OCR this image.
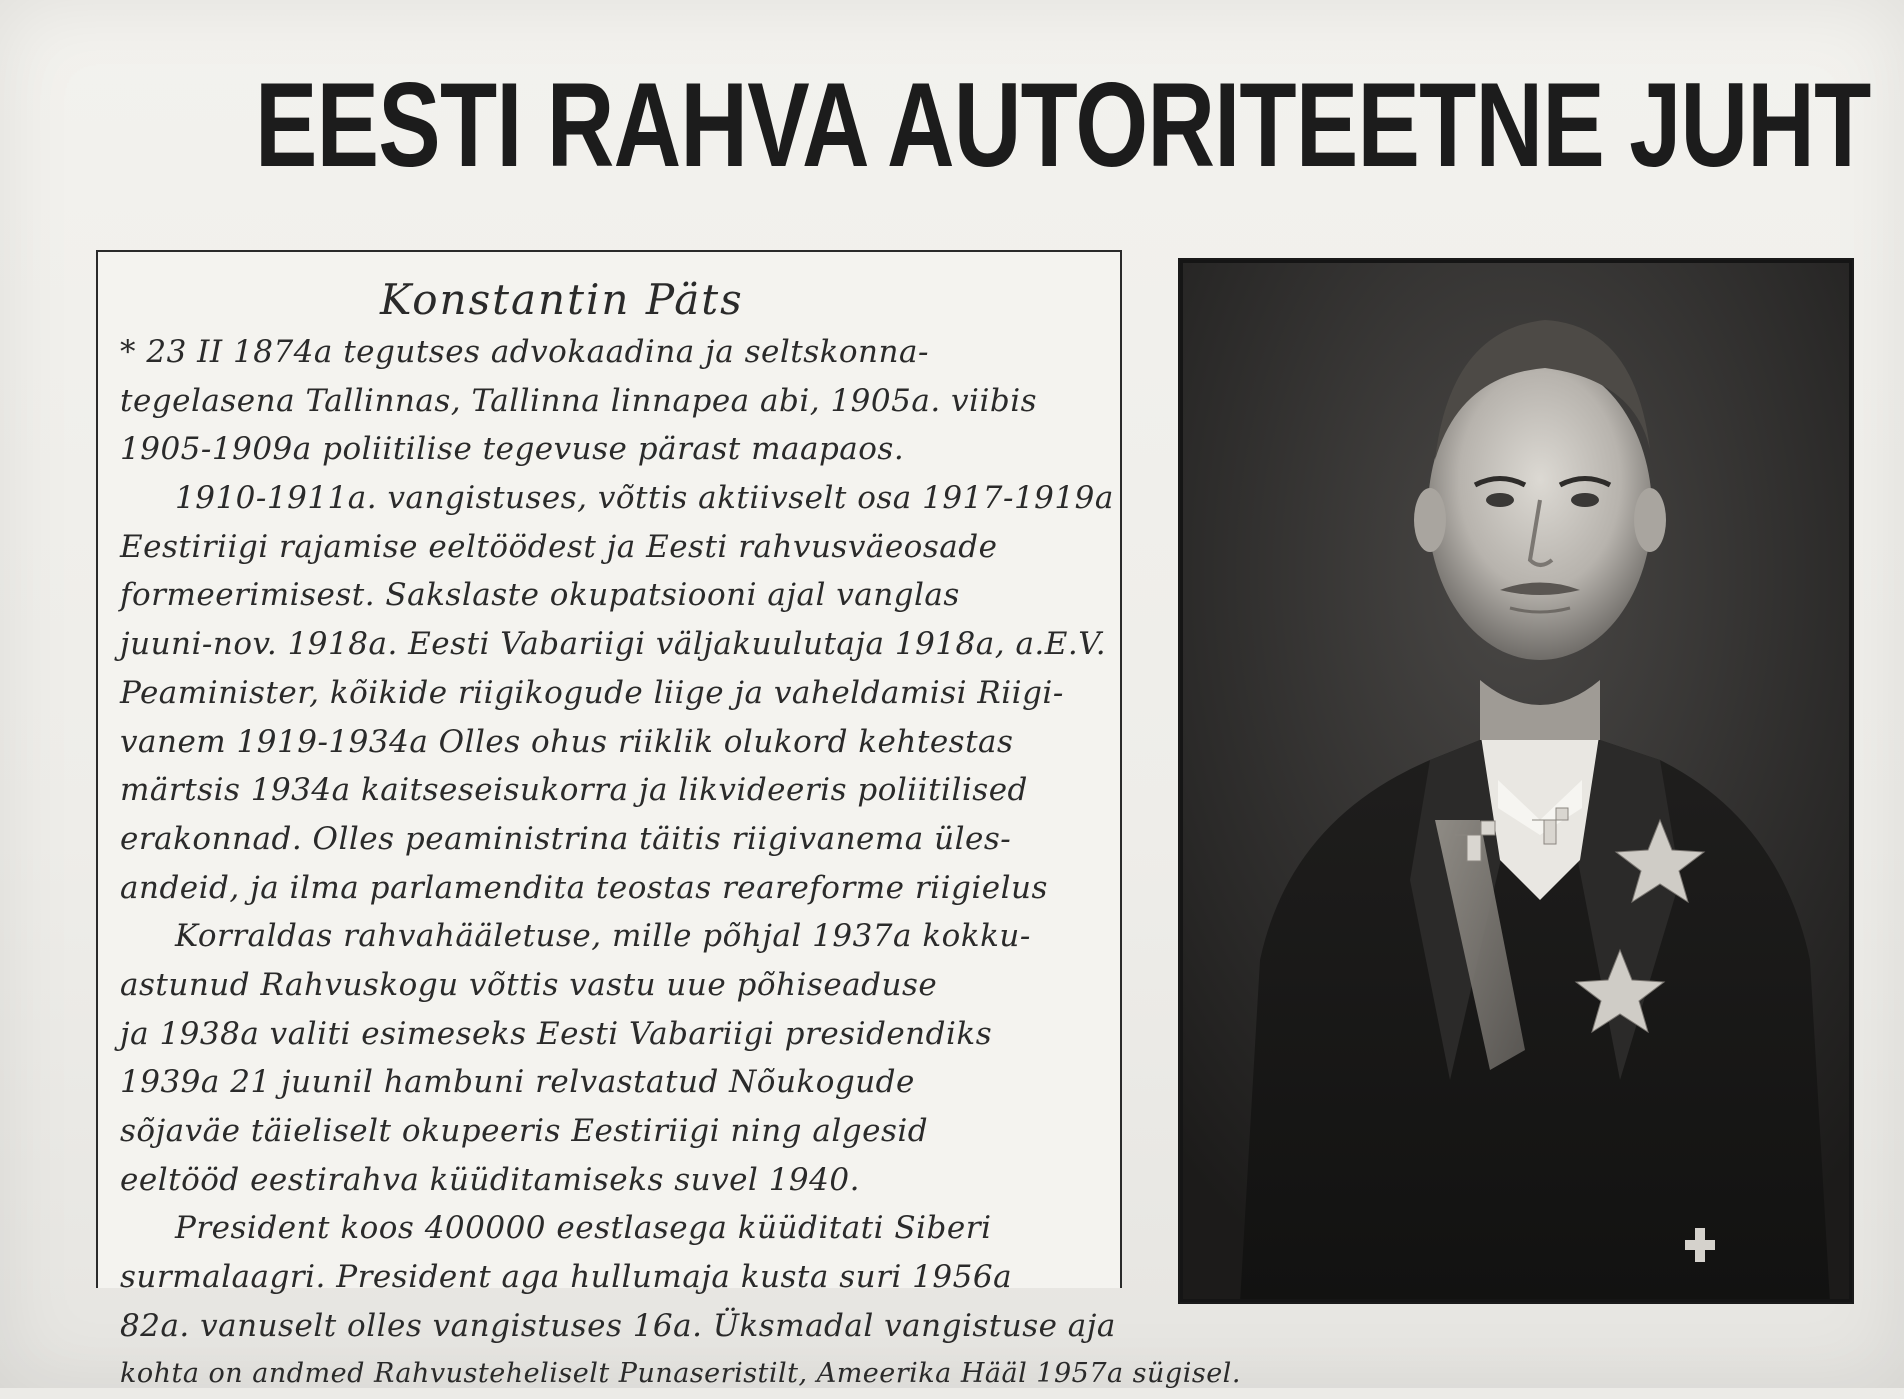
EESTI RAHVA AUTORITEETNE JUHT
Konstantin Päts
* 23 II 1874a tegutses advokaadina ja seltskonna-
tegelasena Tallinnas, Tallinna linnapea abi, 1905a. viibis
1905-1909a poliitilise tegevuse pärast maapaos.
1910-1911a. vangistuses, võttis aktiivselt osa 1917-1919a
Eestiriigi rajamise eeltöödest ja Eesti rahvusväeosade
formeerimisest. Sakslaste okupatsiooni ajal vanglas
juuni-nov. 1918a. Eesti Vabariigi väljakuulutaja 1918a, a.E.V.
Peaminister, kõikide riigikogude liige ja vaheldamisi Riigi-
vanem 1919-1934a Olles ohus riiklik olukord kehtestas
märtsis 1934a kaitseseisukorra ja likvideeris poliitilised
erakonnad. Olles peaministrina täitis riigivanema üles-
andeid, ja ilma parlamendita teostas reareforme riigielus
Korraldas rahvahääletuse, mille põhjal 1937a kokku-
astunud Rahvuskogu võttis vastu uue põhiseaduse
ja 1938a valiti esimeseks Eesti Vabariigi presidendiks
1939a 21 juunil hambuni relvastatud Nõukogude
sõjaväe täieliselt okupeeris Eestiriigi ning algesid
eeltööd eestirahva küüditamiseks suvel 1940.
President koos 400000 eestlasega küüditati Siberi
surmalaagri. President aga hullumaja kusta suri 1956a
82a. vanuselt olles vangistuses 16a. Üksmadal vangistuse aja
kohta on andmed Rahvusteheliselt Punaseristilt, Ameerika Hääl 1957a sügisel.
